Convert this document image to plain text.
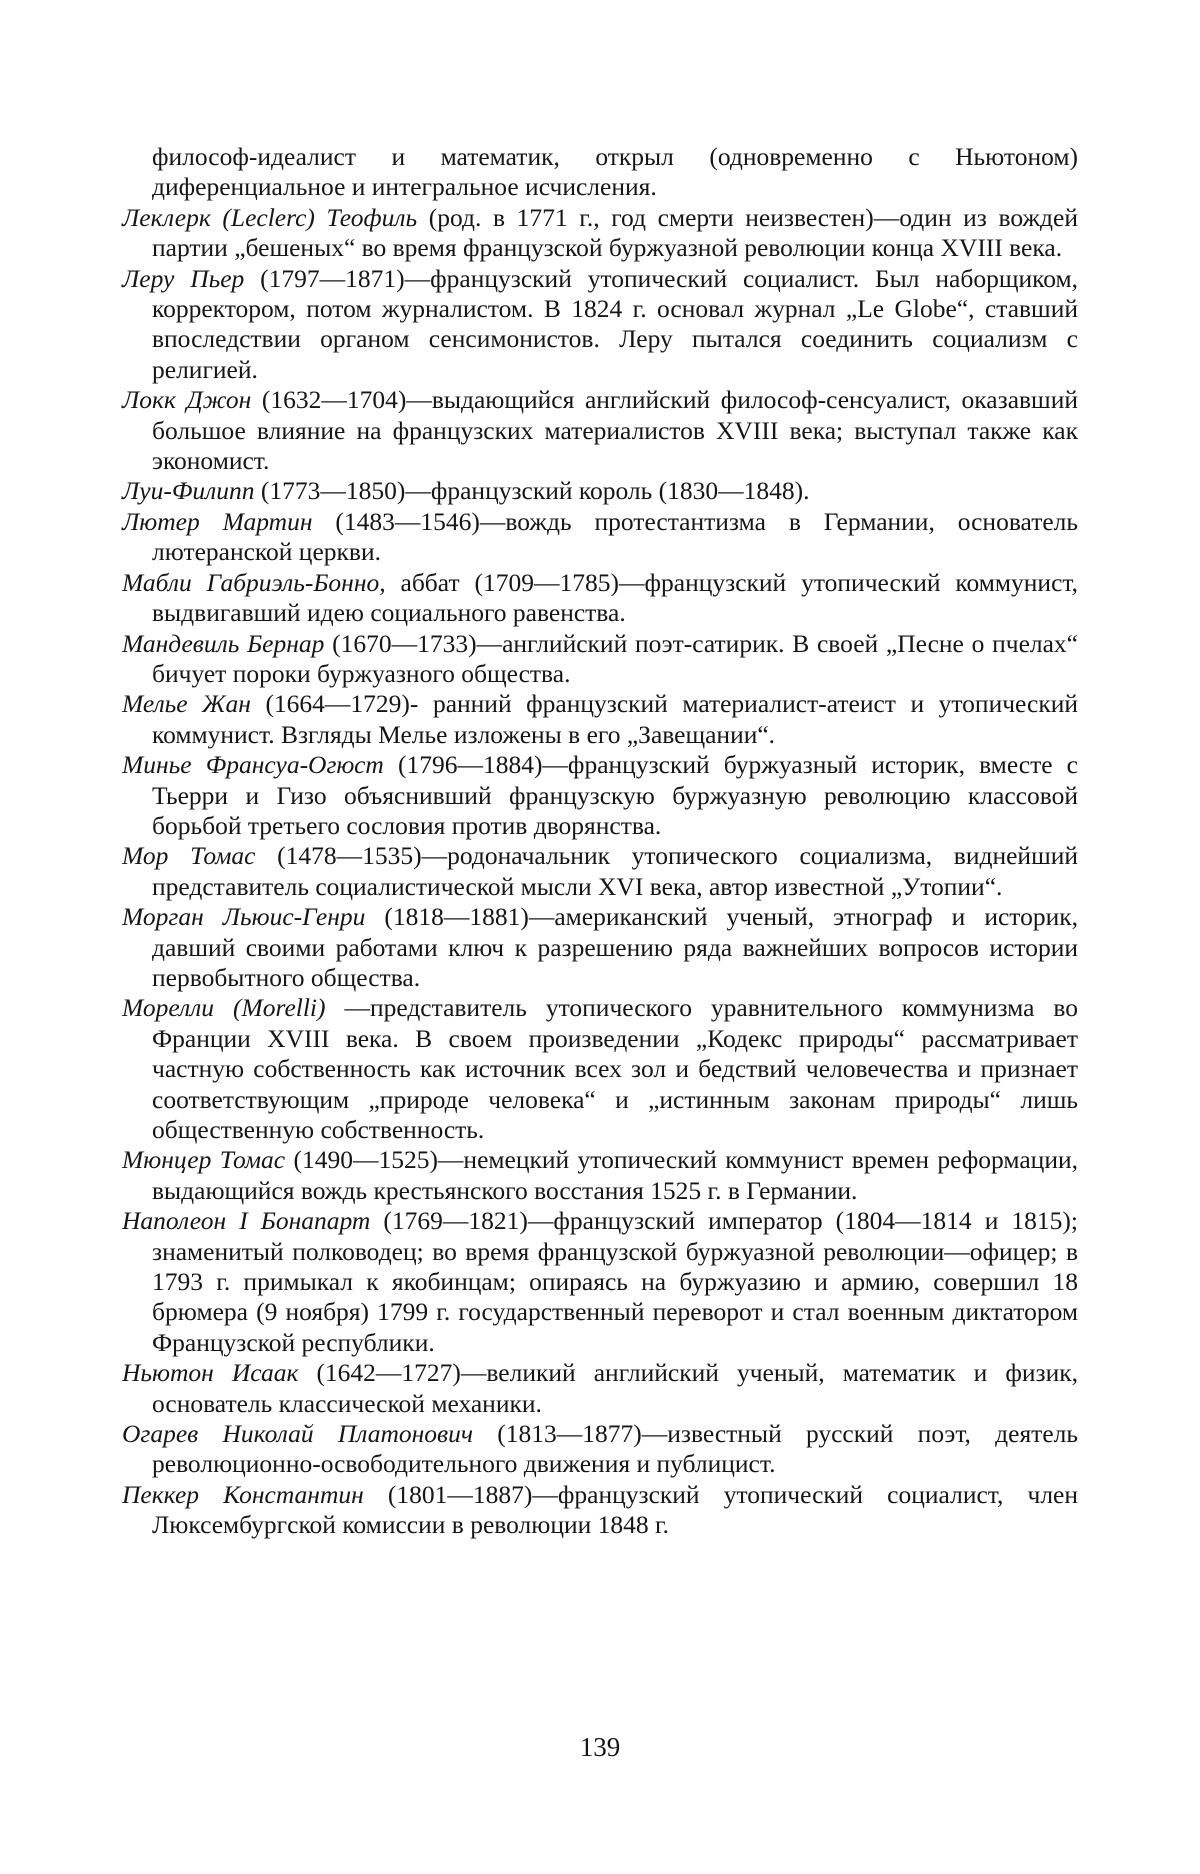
философ-идеалист и математик, открыл (одновременно с Ньютоном) диференциальное и интегральное исчисления.

Леклерк (Leclerc) Теофиль (род. в 1771 г., год смерти неизвестен)—один из вождей партии „бешеных“ во время французской буржуазной революции конца XVIII века.

Леру Пьер (1797—1871)—французский утопический социалист. Был наборщиком, корректором, потом журналистом. В 1824 г. основал журнал „Le Globe“, ставший впоследствии органом сенсимонистов. Леру пытался соединить социализм с религией.

Локк Джон (1632—1704)—выдающийся английский философ-сенсуалист, оказавший большое влияние на французских материалистов XVIII века; выступал также как экономист.

Луи-Филипп (1773—1850)—французский король (1830—1848).

Лютер Мартин (1483—1546)—вождь протестантизма в Германии, основатель лютеранской церкви.

Мабли Габриэль-Бонно, аббат (1709—1785)—французский утопический коммунист, выдвигавший идею социального равенства.

Мандевиль Бернар (1670—1733)—английский поэт-сатирик. В своей „Песне о пчелах“ бичует пороки буржуазного общества.

Мелье Жан (1664—1729)- ранний французский материалист-атеист и утопический коммунист. Взгляды Мелье изложены в его „Завещании“.

Минье Франсуа-Огюст (1796—1884)—французский буржуазный историк, вместе с Тьерри и Гизо объяснивший французскую буржуазную революцию классовой борьбой третьего сословия против дворянства.

Мор Томас (1478—1535)—родоначальник утопического социализма, виднейший представитель социалистической мысли XVI века, автор известной „Утопии“.

Морган Льюис-Генри (1818—1881)—американский ученый, этнограф и историк, давший своими работами ключ к разрешению ряда важнейших вопросов истории первобытного общества.

Морелли (Morelli) —представитель утопического уравнительного коммунизма во Франции XVIII века. В своем произведении „Кодекс природы“ рассматривает частную собственность как источник всех зол и бедствий человечества и признает соответствующим „природе человека“ и „истинным законам природы“ лишь общественную собственность.

Мюнцер Томас (1490—1525)—немецкий утопический коммунист времен реформации, выдающийся вождь крестьянского восстания 1525 г. в Германии.

Наполеон I Бонапарт (1769—1821)—французский император (1804—1814 и 1815); знаменитый полководец; во время французской буржуазной революции—офицер; в 1793 г. примыкал к якобинцам; опираясь на буржуазию и армию, совершил 18 брюмера (9 ноября) 1799 г. государственный переворот и стал военным диктатором Французской республики.

Ньютон Исаак (1642—1727)—великий английский ученый, математик и физик, основатель классической механики.

Огарев Николай Платонович (1813—1877)—известный русский поэт, деятель революционно-освободительного движения и публицист.

Пеккер Константин (1801—1887)—французский утопический социалист, член Люксембургской комиссии в революции 1848 г.

139
